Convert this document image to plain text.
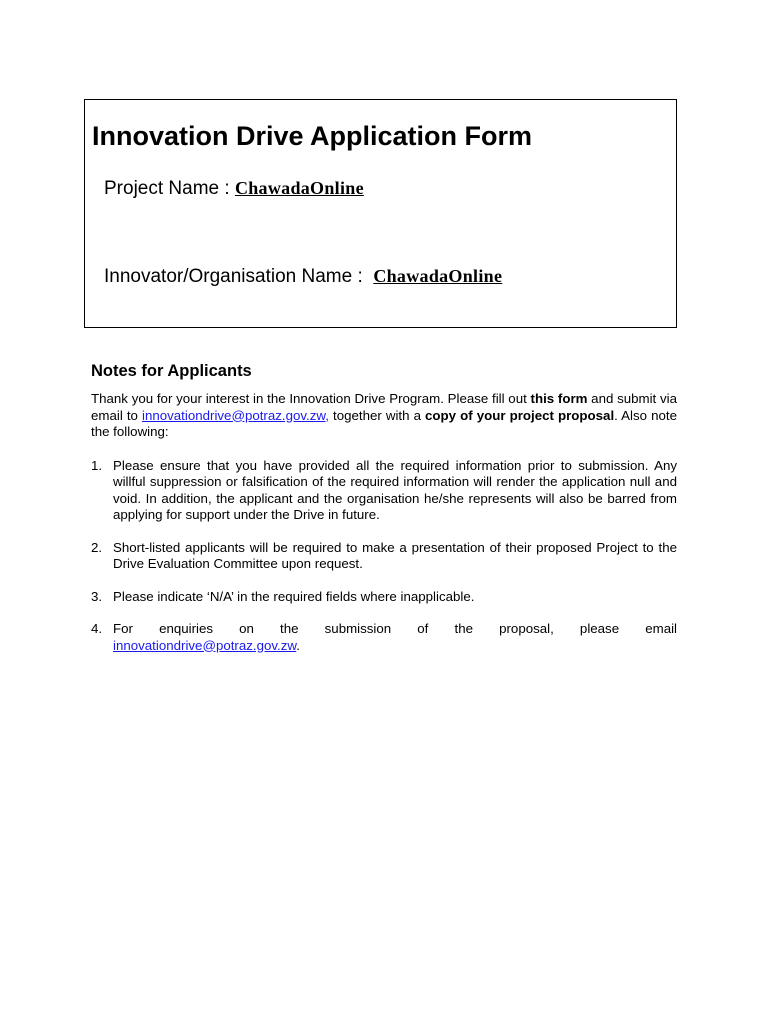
Innovation Drive Application Form
Project Name : ChawadaOnline
Innovator/Organisation Name :  ChawadaOnline
Notes for Applicants

Thank you for your interest in the Innovation Drive Program. Please fill out this form and submit via email to innovationdrive@potraz.gov.zw, together with a copy of your project proposal. Also note the following:

1. Please ensure that you have provided all the required information prior to submission. Any willful suppression or falsification of the required information will render the application null and void. In addition, the applicant and the organisation he/she represents will also be barred from applying for support under the Drive in future.
2. Short-listed applicants will be required to make a presentation of their proposed Project to the Drive Evaluation Committee upon request.
3. Please indicate ‘N/A’ in the required fields where inapplicable.
4. For enquiries on the submission of the proposal, please email
innovationdrive@potraz.gov.zw.
